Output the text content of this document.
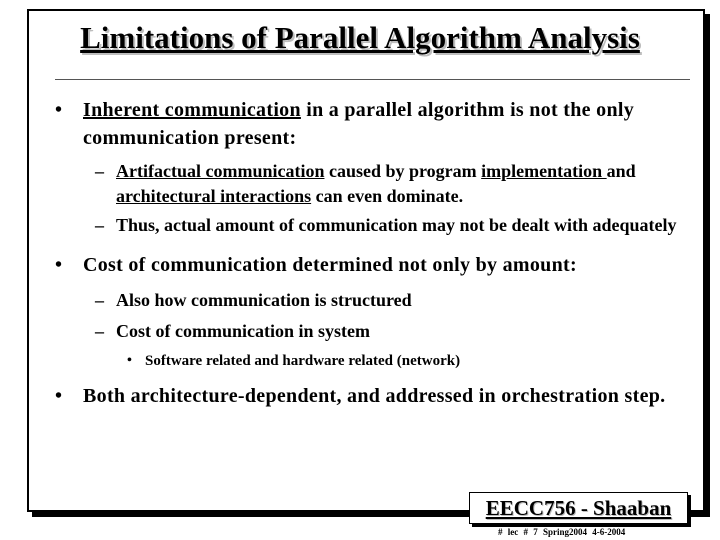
Limitations of Parallel Algorithm Analysis
• Inherent communication in a parallel algorithm is not the only communication present:
– Artifactual communication caused by program implementation and architectural interactions can even dominate.
– Thus, actual amount of communication may not be dealt with adequately
• Cost of communication determined not only by amount:
– Also how communication is structured
– Cost of communication in system
• Software related and hardware related (network)
• Both architecture-dependent, and addressed in orchestration step.
EECC756 - Shaaban
# lec # 7 Spring2004 4-6-2004
